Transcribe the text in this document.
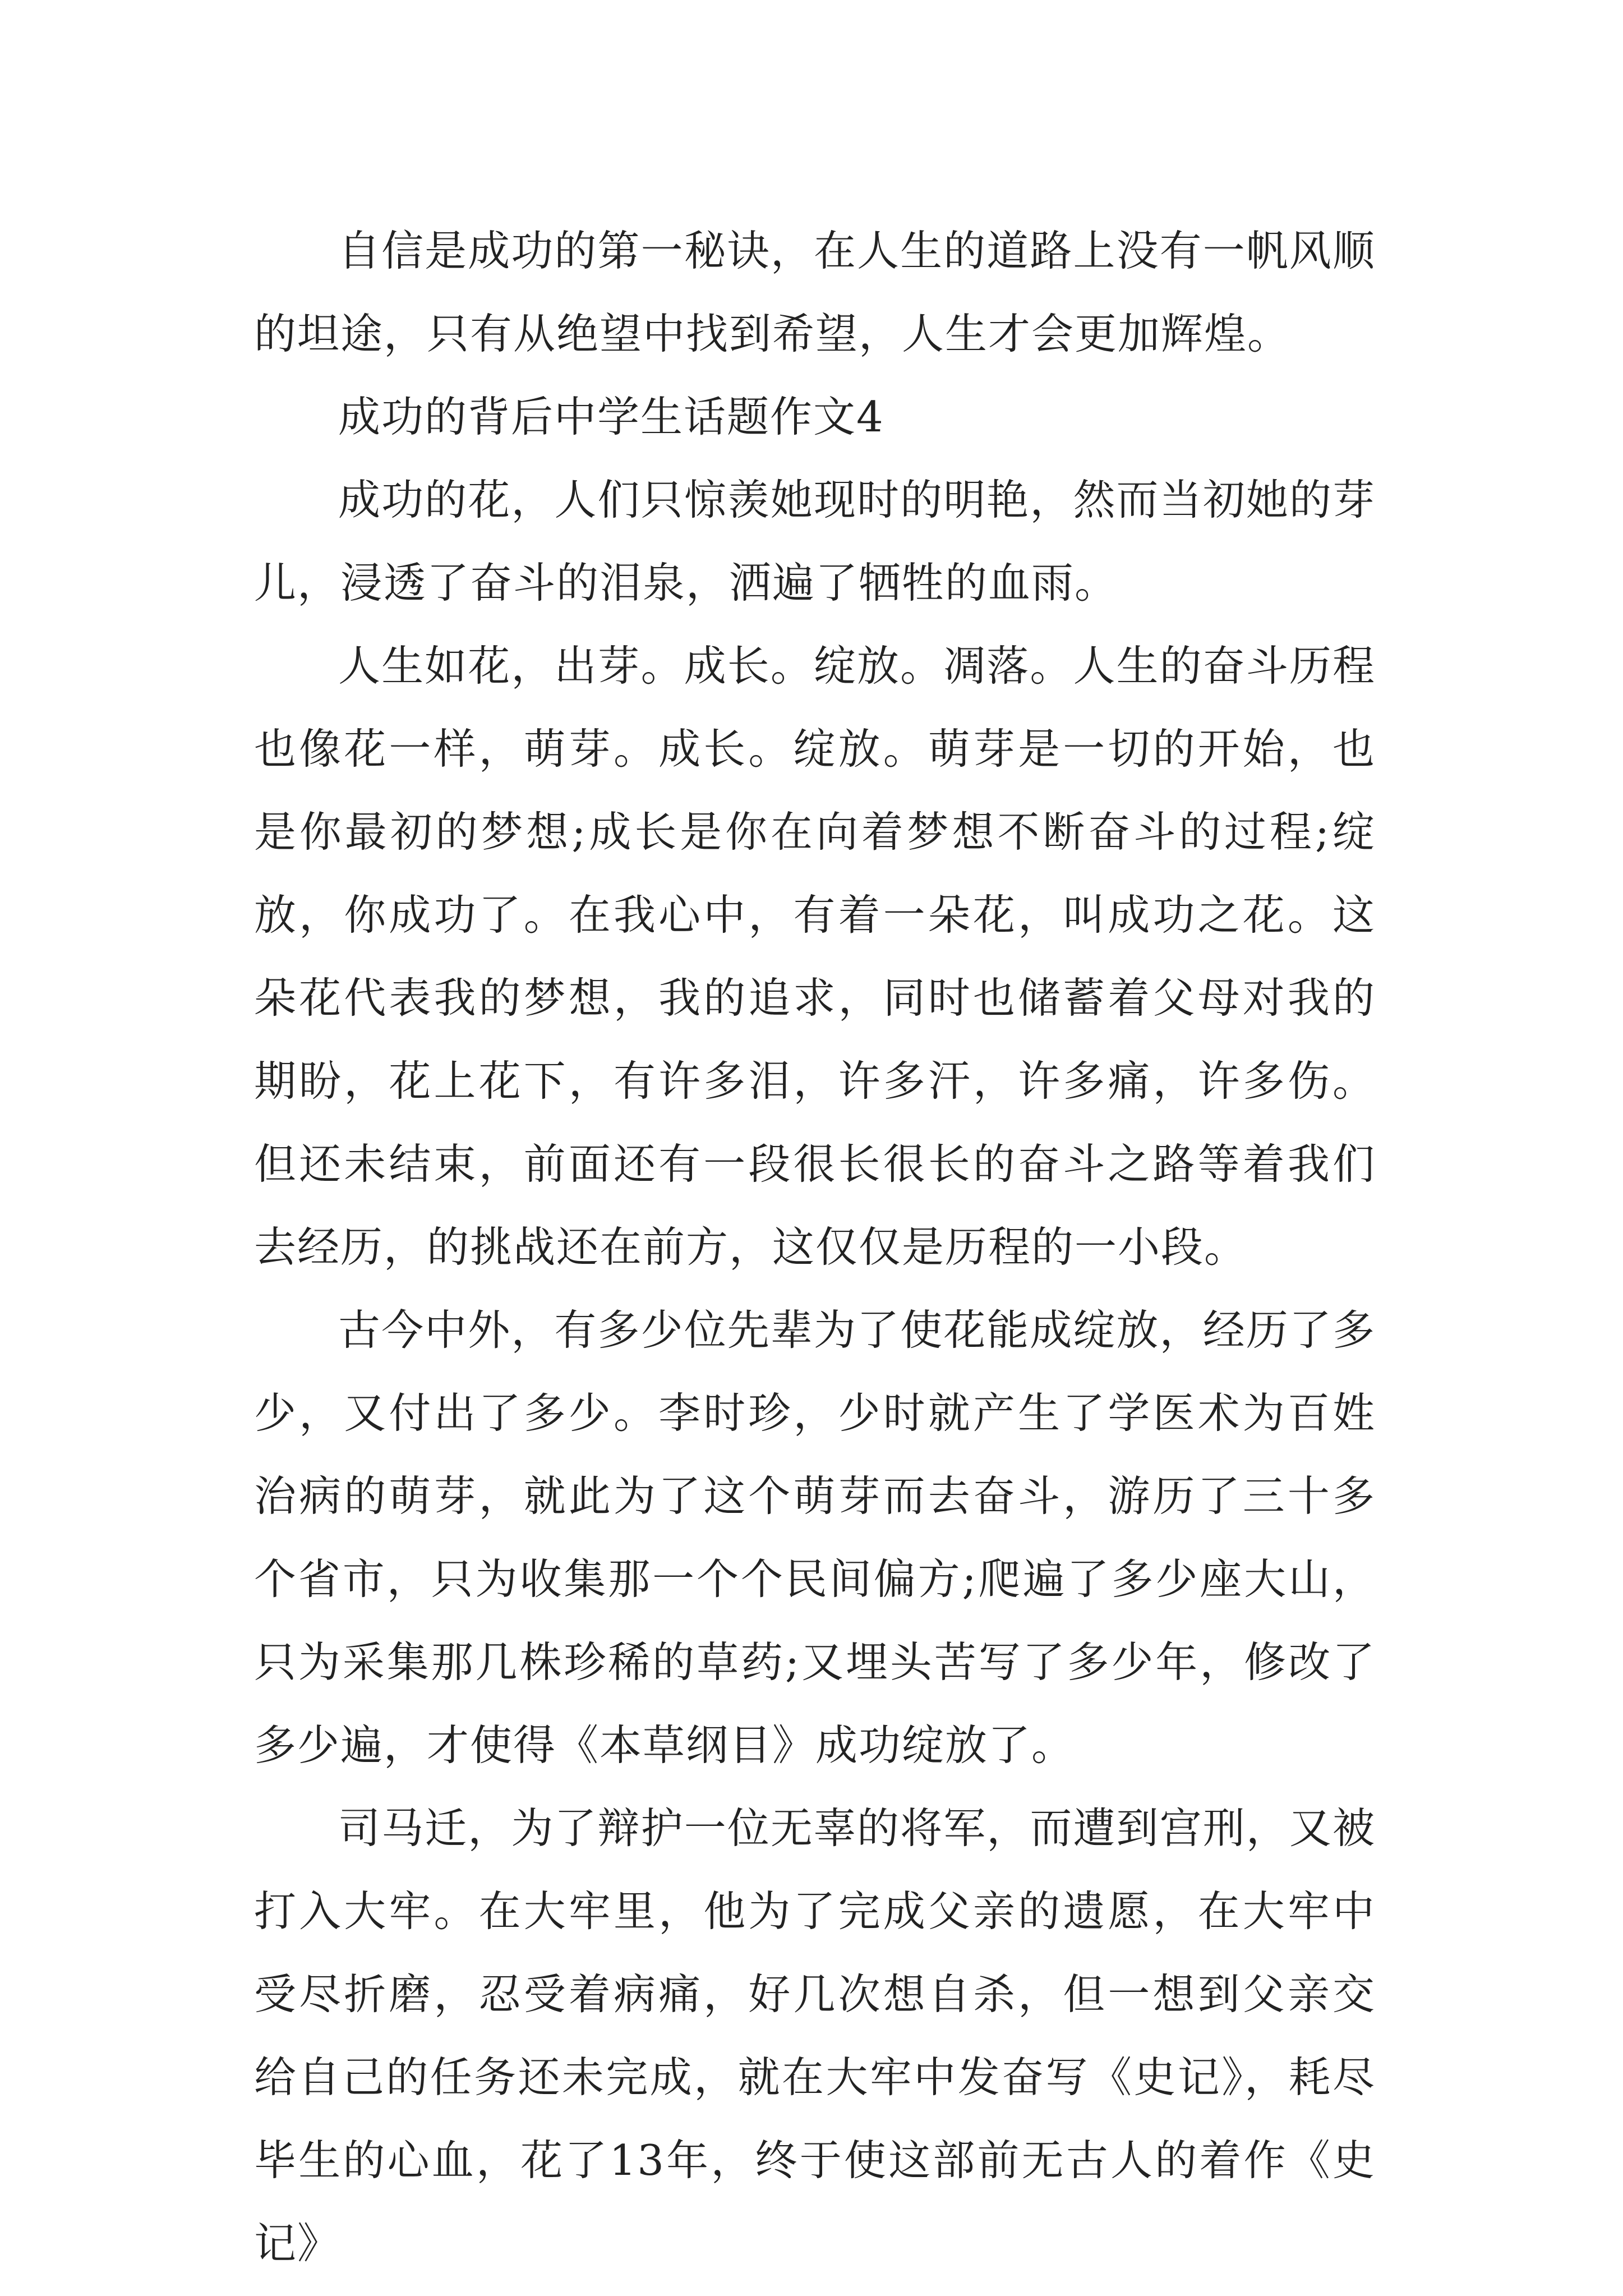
自信是成功的第一秘诀，在人生的道路上没有一帆风顺的坦途，只有从绝望中找到希望，人生才会更加辉煌。

成功的背后中学生话题作文4

成功的花，人们只惊羡她现时的明艳，然而当初她的芽儿，浸透了奋斗的泪泉，洒遍了牺牲的血雨。

人生如花，出芽。成长。绽放。凋落。人生的奋斗历程也像花一样，萌芽。成长。绽放。萌芽是一切的开始，也是你最初的梦想;成长是你在向着梦想不断奋斗的过程;绽放，你成功了。在我心中，有着一朵花，叫成功之花。这朵花代表我的梦想，我的追求，同时也储蓄着父母对我的期盼，花上花下，有许多泪，许多汗，许多痛，许多伤。但还未结束，前面还有一段很长很长的奋斗之路等着我们去经历，的挑战还在前方，这仅仅是历程的一小段。

古今中外，有多少位先辈为了使花能成绽放，经历了多少，又付出了多少。李时珍，少时就产生了学医术为百姓治病的萌芽，就此为了这个萌芽而去奋斗，游历了三十多个省市，只为收集那一个个民间偏方;爬遍了多少座大山，只为采集那几株珍稀的草药;又埋头苦写了多少年，修改了多少遍，才使得《本草纲目》成功绽放了。

司马迁，为了辩护一位无辜的将军，而遭到宫刑，又被打入大牢。在大牢里，他为了完成父亲的遗愿，在大牢中受尽折磨，忍受着病痛，好几次想自杀，但一想到父亲交给自己的任务还未完成，就在大牢中发奋写《史记》，耗尽毕生的心血，花了13年，终于使这部前无古人的着作《史记》
